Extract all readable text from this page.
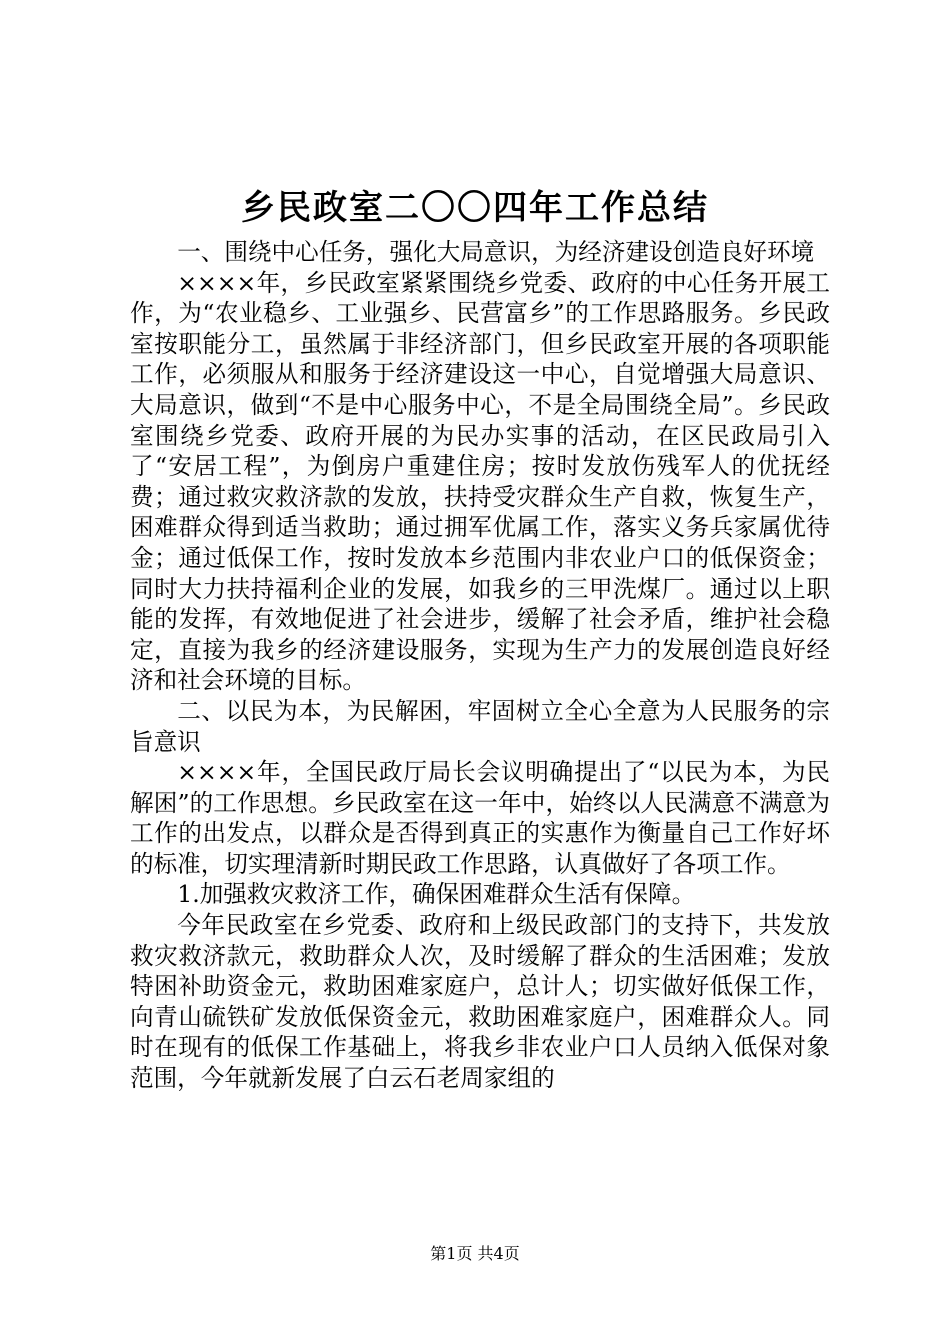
乡民政室二〇〇四年工作总结

一、围绕中心任务，强化大局意识，为经济建设创造良好环境

××××年，乡民政室紧紧围绕乡党委、政府的中心任务开展工作，为“农业稳乡、工业强乡、民营富乡”的工作思路服务。乡民政室按职能分工，虽然属于非经济部门，但乡民政室开展的各项职能工作，必须服从和服务于经济建设这一中心，自觉增强大局意识、大局意识，做到“不是中心服务中心，不是全局围绕全局”。乡民政室围绕乡党委、政府开展的为民办实事的活动，在区民政局引入了“安居工程”，为倒房户重建住房；按时发放伤残军人的优抚经费；通过救灾救济款的发放，扶持受灾群众生产自救，恢复生产，困难群众得到适当救助；通过拥军优属工作，落实义务兵家属优待金；通过低保工作，按时发放本乡范围内非农业户口的低保资金；同时大力扶持福利企业的发展，如我乡的三甲洗煤厂。通过以上职能的发挥，有效地促进了社会进步，缓解了社会矛盾，维护社会稳定，直接为我乡的经济建设服务，实现为生产力的发展创造良好经济和社会环境的目标。

二、以民为本，为民解困，牢固树立全心全意为人民服务的宗旨意识

××××年，全国民政厅局长会议明确提出了“以民为本，为民解困”的工作思想。乡民政室在这一年中，始终以人民满意不满意为工作的出发点，以群众是否得到真正的实惠作为衡量自己工作好坏的标准，切实理清新时期民政工作思路，认真做好了各项工作。

1.加强救灾救济工作，确保困难群众生活有保障。

今年民政室在乡党委、政府和上级民政部门的支持下，共发放救灾救济款元，救助群众人次，及时缓解了群众的生活困难；发放特困补助资金元，救助困难家庭户，总计人；切实做好低保工作，向青山硫铁矿发放低保资金元，救助困难家庭户，困难群众人。同时在现有的低保工作基础上，将我乡非农业户口人员纳入低保对象范围，今年就新发展了白云石老周家组的

第1页 共4页
